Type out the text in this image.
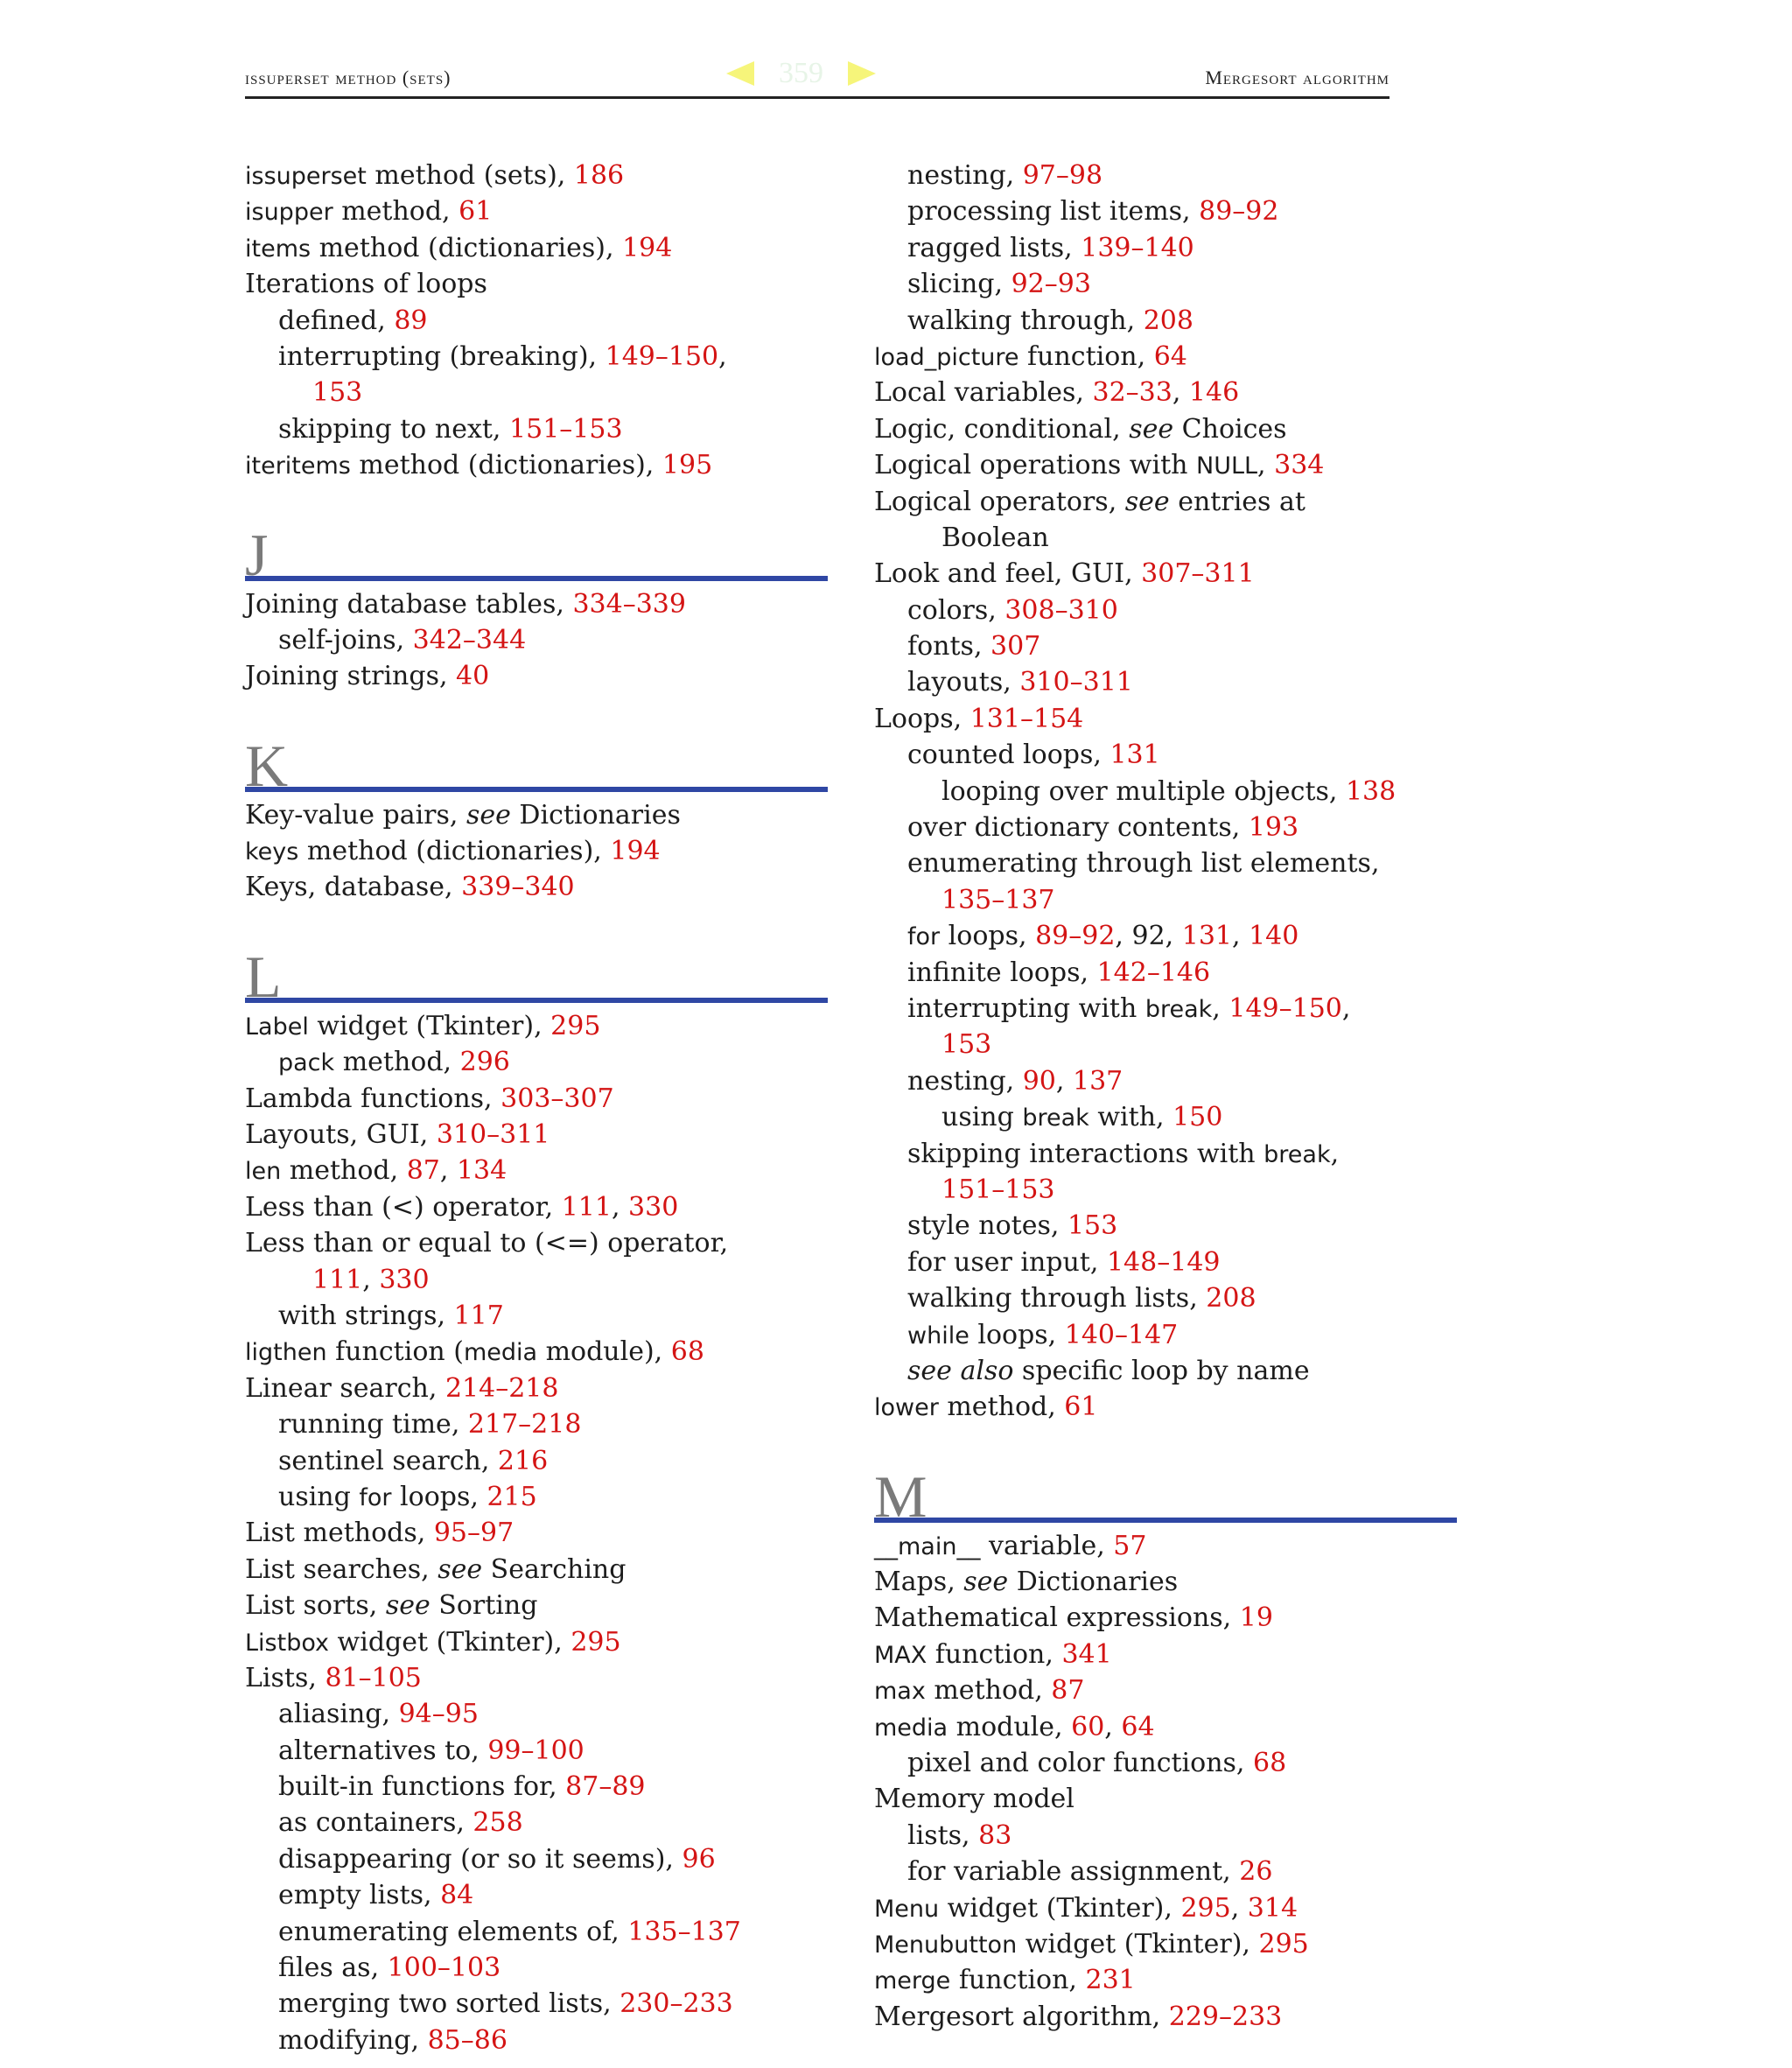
issuperset method (sets)	359	Mergesort algorithm
issuperset method (sets), 186
isupper method, 61
items method (dictionaries), 194
Iterations of loops
defined, 89
interrupting (breaking), 149–150,
153
skipping to next, 151–153
iteritems method (dictionaries), 195
J
Joining database tables, 334–339
self-joins, 342–344
Joining strings, 40
K
Key-value pairs, see Dictionaries
keys method (dictionaries), 194
Keys, database, 339–340
L
Label widget (Tkinter), 295
pack method, 296
Lambda functions, 303–307
Layouts, GUI, 310–311
len method, 87, 134
Less than (<) operator, 111, 330
Less than or equal to (<=) operator,
111, 330
with strings, 117
ligthen function (media module), 68
Linear search, 214–218
running time, 217–218
sentinel search, 216
using for loops, 215
List methods, 95–97
List searches, see Searching
List sorts, see Sorting
Listbox widget (Tkinter), 295
Lists, 81–105
aliasing, 94–95
alternatives to, 99–100
built-in functions for, 87–89
as containers, 258
disappearing (or so it seems), 96
empty lists, 84
enumerating elements of, 135–137
files as, 100–103
merging two sorted lists, 230–233
modifying, 85–86
nesting, 97–98
processing list items, 89–92
ragged lists, 139–140
slicing, 92–93
walking through, 208
load_picture function, 64
Local variables, 32–33, 146
Logic, conditional, see Choices
Logical operations with NULL, 334
Logical operators, see entries at
Boolean
Look and feel, GUI, 307–311
colors, 308–310
fonts, 307
layouts, 310–311
Loops, 131–154
counted loops, 131
looping over multiple objects, 138
over dictionary contents, 193
enumerating through list elements,
135–137
for loops, 89–92, 92, 131, 140
infinite loops, 142–146
interrupting with break, 149–150,
153
nesting, 90, 137
using break with, 150
skipping interactions with break,
151–153
style notes, 153
for user input, 148–149
walking through lists, 208
while loops, 140–147
see also specific loop by name
lower method, 61
M
__main__ variable, 57
Maps, see Dictionaries
Mathematical expressions, 19
MAX function, 341
max method, 87
media module, 60, 64
pixel and color functions, 68
Memory model
lists, 83
for variable assignment, 26
Menu widget (Tkinter), 295, 314
Menubutton widget (Tkinter), 295
merge function, 231
Mergesort algorithm, 229–233
